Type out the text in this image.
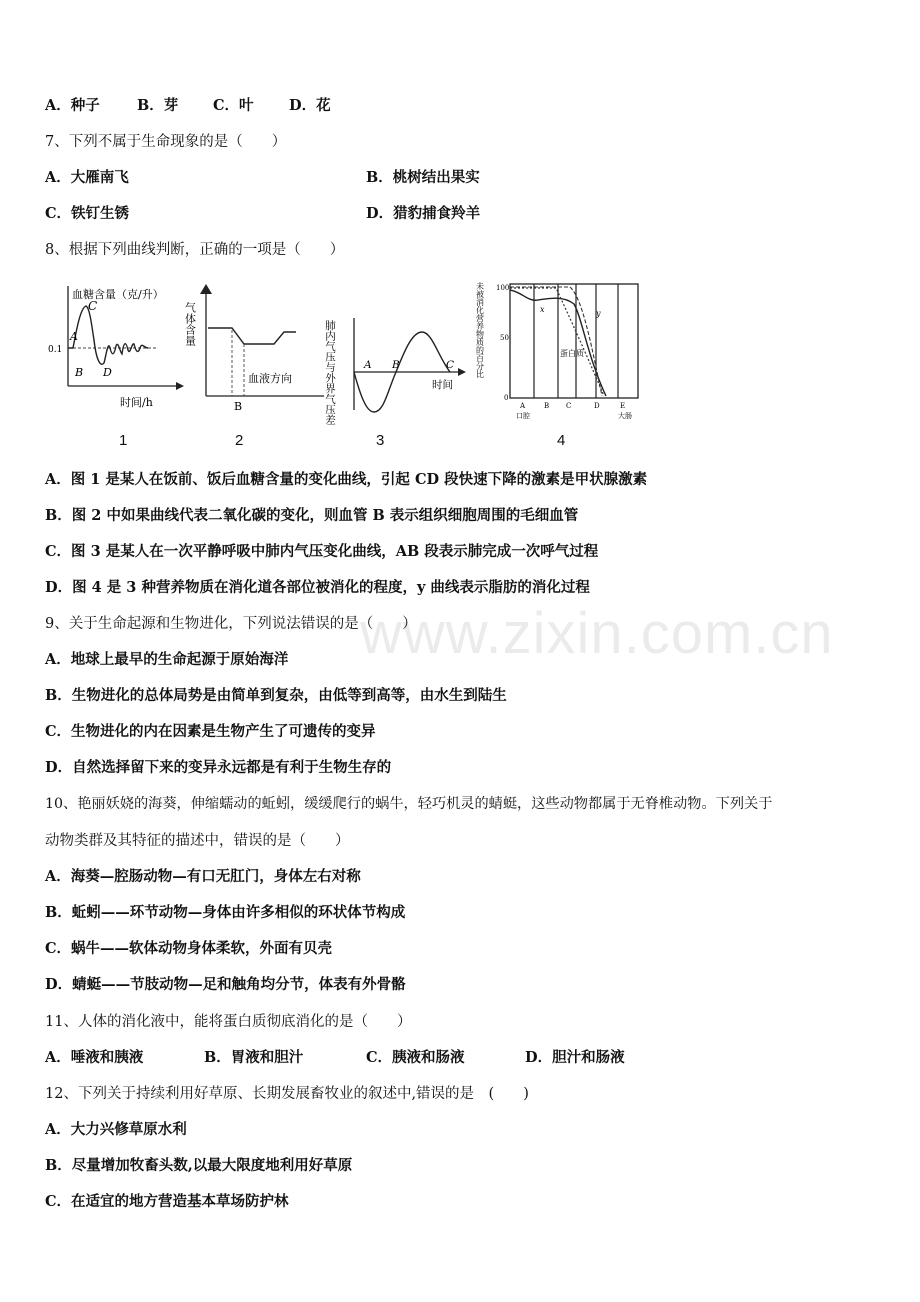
A．种子	B．芽 C．叶 D．花
7、下列不属于生命现象的是（　　）
A．大雁南飞	B．桃树结出果实
C．铁钉生锈	D．猎豹捕食羚羊
8、根据下列曲线判断，正确的一项是（　　）
血糖含量（克/升）
0.1
A
B
C
D
时间/h
1
气体含量
血液方向
B
2
肺内气压与外界气压差	A B	C
时间
3
未被消化营养物质的百分比 100
50
0
x	y
蛋白质
A	B C	D	E
口腔	大肠
4
A．图 1 是某人在饭前、饭后血糖含量的变化曲线，引起 CD 段快速下降的激素是甲状腺激素
B．图 2 中如果曲线代表二氧化碳的变化，则血管 B 表示组织细胞周围的毛细血管
C．图 3 是某人在一次平静呼吸中肺内气压变化曲线，AB 段表示肺完成一次呼气过程
D．图 4 是 3 种营养物质在消化道各部位被消化的程度，y 曲线表示脂肪的消化过程
www.zixin.com.cn
9、关于生命起源和生物进化，下列说法错误的是（　　）
A．地球上最早的生命起源于原始海洋
B．生物进化的总体局势是由简单到复杂，由低等到高等，由水生到陆生
C．生物进化的内在因素是生物产生了可遗传的变异
D．自然选择留下来的变异永远都是有利于生物生存的
10、艳丽妖娆的海葵，伸缩蠕动的蚯蚓，缓缓爬行的蜗牛，轻巧机灵的蜻蜓，这些动物都属于无脊椎动物。下列关于
动物类群及其特征的描述中，错误的是（　　）
A．海葵—腔肠动物—有口无肛门，身体左右对称
B．蚯蚓——环节动物—身体由许多相似的环状体节构成
C．蜗牛——软体动物身体柔软，外面有贝壳
D．蜻蜓——节肢动物—足和触角均分节，体表有外骨骼
11、人体的消化液中，能将蛋白质彻底消化的是（　　）
A．唾液和胰液	B．胃液和胆汁	C．胰液和肠液	D．胆汁和肠液
12、下列关于持续利用好草原、长期发展畜牧业的叙述中,错误的是　(　　)
A．大力兴修草原水利
B．尽量增加牧畜头数,以最大限度地利用好草原
C．在适宜的地方营造基本草场防护林
